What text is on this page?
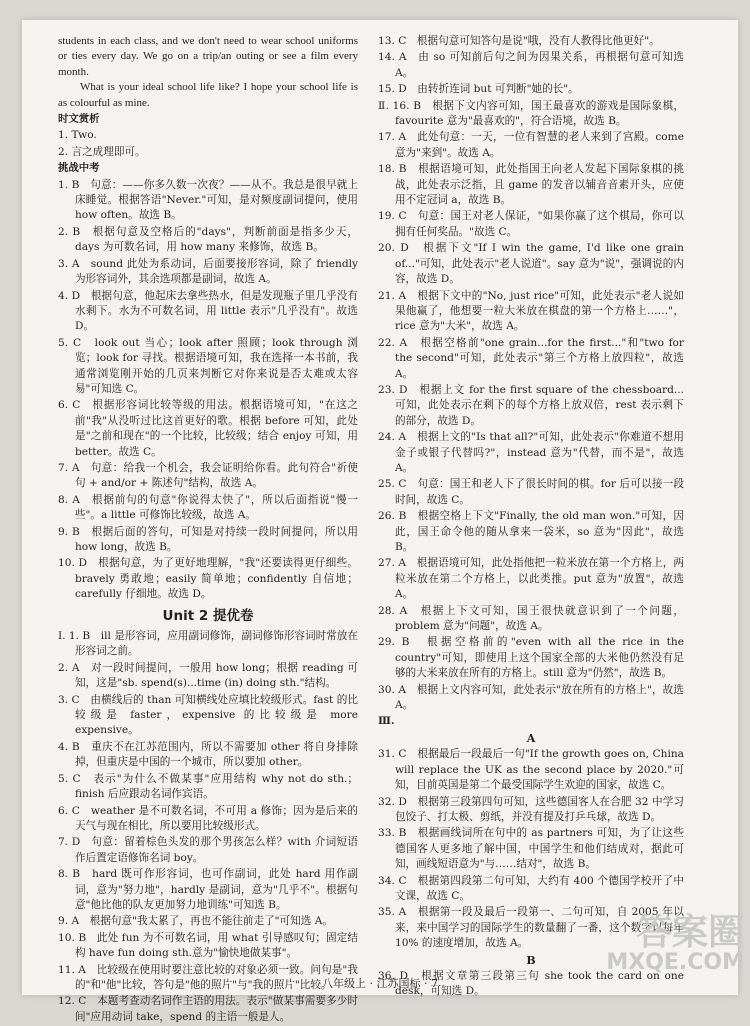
students in each class, and we don't need to wear school uniforms or ties every day. We go on a trip/an outing or see a film every month.

What is your ideal school life like? I hope your school life is as colourful as mine.

时文赏析
1. Two.
2. 言之成理即可。
挑战中考
1. B　句意：——你多久数一次夜？——从不。我总是很早就上床睡觉。根据答语"Never."可知，是对频度副词提问，使用 how often。故选 B。
2. B　根据句意及空格后的"days"，判断前面是指多少天，days 为可数名词，用 how many 来修饰，故选 B。
3. A　sound 此处为系动词，后面要接形容词，除了 friendly 为形容词外，其余选项都是副词，故选 A。
4. D　根据句意，他起床去拿些热水，但是发现瓶子里几乎没有水剩下。水为不可数名词，用 little 表示"几乎没有"。故选 D。
5. C　look out 当心；look after 照顾；look through 浏览；look for 寻找。根据语境可知，我在选择一本书前，我通常浏览刚开始的几页来判断它对你来说是否太难或太容易"可知选 C。
6. C　根据形容词比较等级的用法。根据语境可知，"在这之前"我"从没听过比这首更好的歌。根据 before 可知，此处是"之前和现在"的一个比较，比较级；结合 enjoy 可知，用 better。故选 C。
7. A　句意：给我一个机会，我会证明给你看。此句符合"祈使句 + and/or + 陈述句"结构，故选 A。
8. A　根据前句的句意"你说得太快了"，所以后面指说"慢一些"。a little 可修饰比较级，故选 A。
9. B　根据后面的答句，可知是对持续一段时间提问，所以用 how long，故选 B。
10. D　根据句意，为了更好地理解，"我"还要读得更仔细些。bravely 勇敢地；easily 简单地；confidently 自信地；carefully 仔细地。故选 D。
Unit 2 提优卷
Ⅰ. 1. B　ill 是形容词，应用副词修饰，副词修饰形容词时常放在形容词之前。
2. A　对一段时间提问，一般用 how long；根据 reading 可知，这是"sb. spend(s)...time (in) doing sth."结构。
3. C　由横线后的 than 可知横线处应填比较级形式。fast 的比较级是 faster，expensive 的比较级是 more expensive。
4. B　重庆不在江苏范围内，所以不需要加 other 将自身排除掉，但重庆是中国的一个城市，所以要加 other。
5. C　表示"为什么不做某事"应用结构 why not do sth.；finish 后应跟动名词作宾语。
6. C　weather 是不可数名词，不可用 a 修饰；因为是后来的天气与现在相比，所以要用比较级形式。
7. D　句意：留着棕色头发的那个男孩怎么样？with 介词短语作后置定语修饰名词 boy。
8. B　hard 既可作形容词，也可作副词，此处 hard 用作副词，意为"努力地"，hardly 是副词，意为"几乎不"。根据句意"他比他的队友更加努力地训练"可知选 B。
9. A　根据句意"我太累了，再也不能往前走了"可知选 A。
10. B　此处 fun 为不可数名词，用 what 引导感叹句；固定结构 have fun doing sth.意为"愉快地做某事"。
11. A　比较级在使用时要注意比较的对象必须一致。问句是"我的"和"他"比较，答句是"他的照片"与"我的照片"比较。
12. C　本题考查动名词作主语的用法。表示"做某事需要多少时间"应用动词 take，spend 的主语一般是人。
13. C　根据句意可知答句是说"哦，没有人教得比他更好"。
14. A　由 so 可知前后句之间为因果关系，再根据句意可知选 A。
15. D　由转折连词 but 可判断"她的长"。
Ⅱ. 16. B　根据下文内容可知，国王最喜欢的游戏是国际象棋，favourite 意为"最喜欢的"，符合语境，故选 B。
17. A　此处句意：一天，一位有智慧的老人来到了宫殿。come 意为"来到"。故选 A。
18. B　根据语境可知，此处指国王向老人发起下国际象棋的挑战，此处表示泛指，且 game 的发音以辅音音素开头，应使用不定冠词 a，故选 B。
19. C　句意：国王对老人保证，"如果你赢了这个棋局，你可以拥有任何奖品。"故选 C。
20. D　根据下文"If I win the game, I'd like one grain of..."可知，此处表示"老人说道"。say 意为"说"，强调说的内容，故选 D。
21. A　根据下文中的"No, just rice"可知，此处表示"老人说如果他赢了，他想要一粒大米放在棋盘的第一个方格上……"，rice 意为"大米"，故选 A。
22. A　根据空格前"one grain...for the first..."和"two for the second"可知，此处表示"第三个方格上放四粒"，故选 A。
23. D　根据上文 for the first square of the chessboard...可知，此处表示在剩下的每个方格上放双倍，rest 表示剩下的部分，故选 D。
24. A　根据上文的"Is that all?"可知，此处表示"你难道不想用金子或银子代替吗?"，instead 意为"代替，而不是"，故选 A。
25. C　句意：国王和老人下了很长时间的棋。for 后可以接一段时间，故选 C。
26. B　根据空格上下文"Finally, the old man won."可知，因此，国王命令他的随从拿来一袋米，so 意为"因此"，故选 B。
27. A　根据语境可知，此处指他把一粒米放在第一个方格上，两粒米放在第二个方格上，以此类推。put 意为"放置"，故选 A。
28. A　根据上下文可知，国王很快就意识到了一个问题，problem 意为"问题"，故选 A。
29. B　根据空格前的"even with all the rice in the country"可知，即使用上这个国家全部的大米他仍然没有足够的大米来放在所有的方格上。still 意为"仍然"，故选 B。
30. A　根据上文内容可知，此处表示"放在所有的方格上"，故选 A。
Ⅲ.
A
31. C　根据最后一段最后一句"If the growth goes on, China will replace the UK as the second place by 2020."可知，目前英国是第二个最受国际学生欢迎的国家，故选 C。
32. D　根据第三段第四句可知，这些德国客人在合肥 32 中学习包饺子、打太极、剪纸，并没有提及打乒乓球，故选 D。
33. B　根据画线词所在句中的 as partners 可知，为了让这些德国客人更多地了解中国，中国学生和他们结成对，据此可知，画线短语意为"与……结对"，故选 B。
34. C　根据第四段第二句可知，大约有 400 个德国学校开了中文课，故选 C。
35. A　根据第一段及最后一段第一、二句可知，自 2005 年以来，来中国学习的国际学生的数量翻了一番，这个数字以每年 10% 的速度增加，故选 A。
B
36. D　根据文章第三段第三句 she took the card on one desk，可知选 D。
八年级上 · 江苏国标 · 7
答案圈
MXQE.COM
